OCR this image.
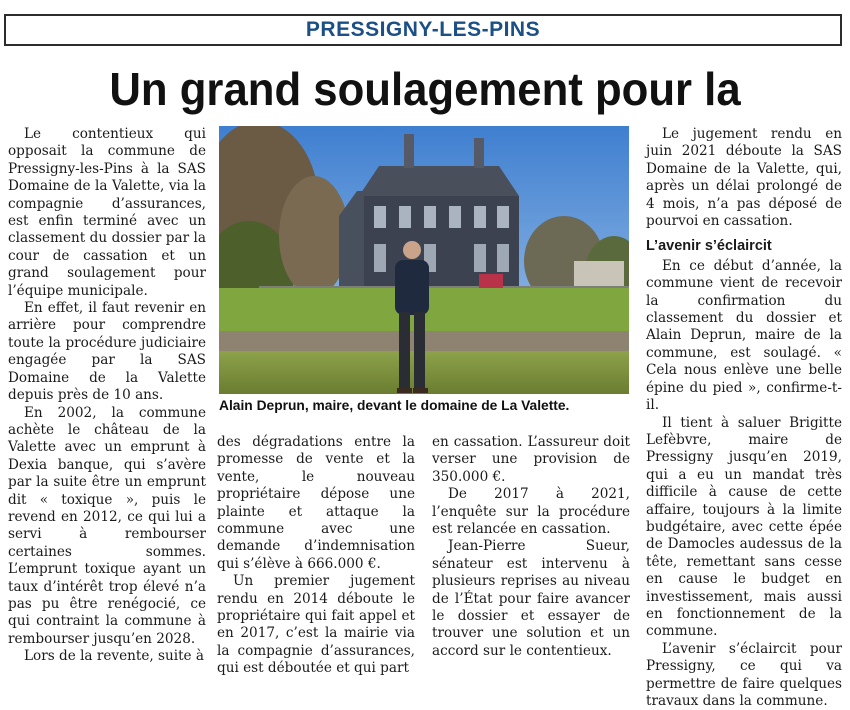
PRESSIGNY-LES-PINS
Un grand soulagement pour la

Le contentieux qui opposait la commune de Pressigny-les-Pins à la SAS Domaine de la Valette, via la compagnie d’assurances, est enfin terminé avec un classement du dossier par la cour de cassation et un grand soulagement pour l’équipe municipale.

En effet, il faut revenir en arrière pour comprendre toute la procédure judiciaire engagée par la SAS Domaine de la Valette depuis près de 10 ans.

En 2002, la commune achète le château de la Valette avec un emprunt à Dexia banque, qui s’avère par la suite être un emprunt dit « toxique », puis le revend en 2012, ce qui lui a servi à rembourser certaines sommes. L’emprunt toxique ayant un taux d’intérêt trop élevé n’a pas pu être renégocié, ce qui contraint la commune à rembourser jusqu’en 2028.

Lors de la revente, suite à

Alain Deprun, maire, devant le domaine de La Valette.

des dégradations entre la promesse de vente et la vente, le nouveau propriétaire dépose une plainte et attaque la commune avec une demande d’indemnisation qui s’élève à 666.000 €.

Un premier jugement rendu en 2014 déboute le propriétaire qui fait appel et en 2017, c’est la mairie via la compagnie d’assurances, qui est déboutée et qui part

en cassation. L’assureur doit verser une provision de 350.000 €.

De 2017 à 2021, l’enquête sur la procédure est relancée en cassation.

Jean-Pierre Sueur, sénateur est intervenu à plusieurs reprises au niveau de l’État pour faire avancer le dossier et essayer de trouver une solution et un accord sur le contentieux.

Le jugement rendu en juin 2021 déboute la SAS Domaine de la Valette, qui, après un délai prolongé de 4 mois, n’a pas déposé de pourvoi en cassation.

L’avenir s’éclaircit

En ce début d’année, la commune vient de recevoir la confirmation du classement du dossier et Alain Deprun, maire de la commune, est soulagé. « Cela nous enlève une belle épine du pied », confirme-t-il.

Il tient à saluer Brigitte Lefèbvre, maire de Pressigny jusqu’en 2019, qui a eu un mandat très difficile à cause de cette affaire, toujours à la limite budgétaire, avec cette épée de Damocles audessus de la tête, remettant sans cesse en cause le budget en investissement, mais aussi en fonctionnement de la commune.

L’avenir s’éclaircit pour Pressigny, ce qui va permettre de faire quelques travaux dans la commune.
